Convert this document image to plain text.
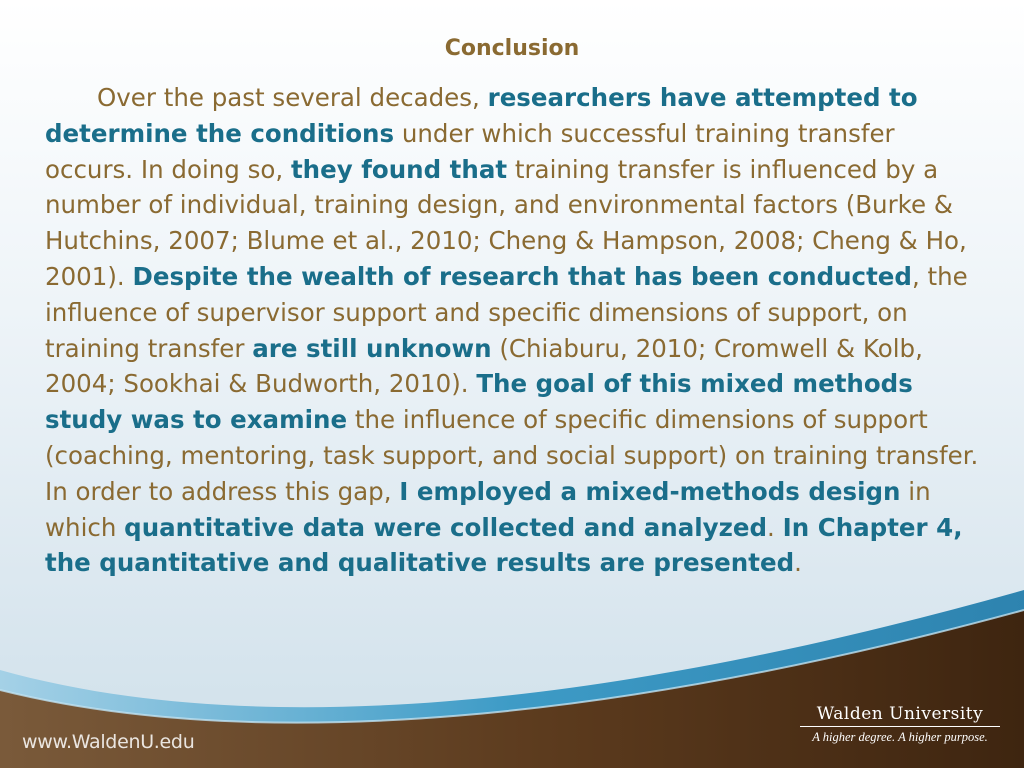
Conclusion

Over the past several decades, researchers have attempted to determine the conditions under which successful training transfer occurs. In doing so, they found that training transfer is influenced by a number of individual, training design, and environmental factors (Burke & Hutchins, 2007; Blume et al., 2010; Cheng & Hampson, 2008; Cheng & Ho, 2001). Despite the wealth of research that has been conducted, the influence of supervisor support and specific dimensions of support, on training transfer are still unknown (Chiaburu, 2010; Cromwell & Kolb, 2004; Sookhai & Budworth, 2010). The goal of this mixed methods study was to examine the influence of specific dimensions of support (coaching, mentoring, task support, and social support) on training transfer. In order to address this gap, I employed a mixed-methods design in which quantitative data were collected and analyzed. In Chapter 4, the quantitative and qualitative results are presented.

www.WaldenU.edu
Walden University
A higher degree. A higher purpose.
